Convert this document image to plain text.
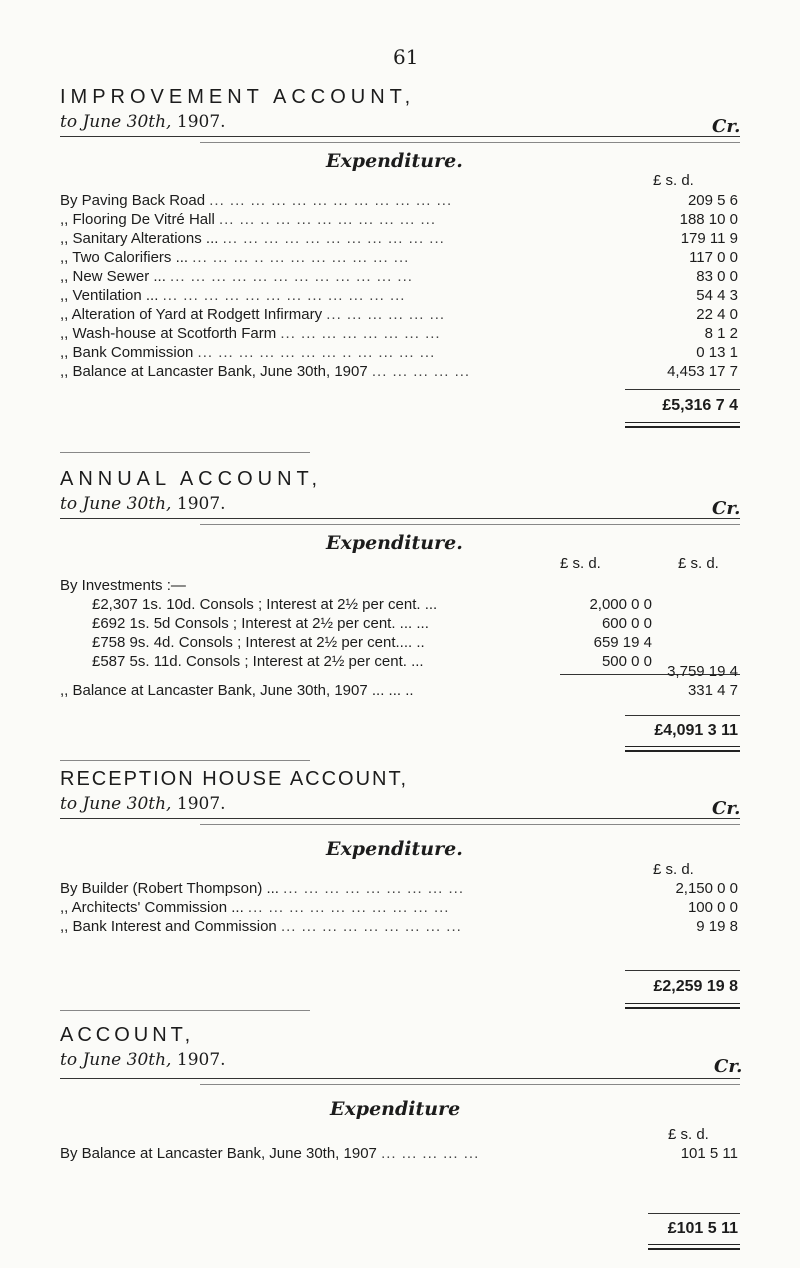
61
IMPROVEMENT ACCOUNT,
to June 30th, 1907.	Cr.
Expenditure.
£ s. d.
By Paving Back Road ... ... ... ... ... ... ... ... ... ... ... ...	209 5 6
,, Flooring De Vitré Hall ... ... .. ... ... ... ... ... ... ... ...	188 10 0
,, Sanitary Alterations ... ... ... ... ... ... ... ... ... ... ... ...	179 11 9
,, Two Calorifiers ... ... ... ... .. ... ... ... ... ... ... ...	117 0 0
,, New Sewer ... ... ... ... ... ... ... ... ... ... ... ... ...	83 0 0
,, Ventilation ... ... ... ... ... ... ... ... ... ... ... ... ...	54 4 3
,, Alteration of Yard at Rodgett Infirmary ... ... ... ... ... ...	22 4 0
,, Wash-house at Scotforth Farm ... ... ... ... ... ... ... ...	8 1 2
,, Bank Commission ... ... ... ... ... ... ... .. ... ... ... ...	0 13 1
,, Balance at Lancaster Bank, June 30th, 1907 ... ... ... ... ...	4,453 17 7
£5,316 7 4
ANNUAL ACCOUNT,
to June 30th, 1907.	Cr.
Expenditure.
£ s. d.	£ s. d.
By Investments :—
£2,307 1s. 10d. Consols ; Interest at 2½ per cent. ...	2,000 0 0
£692 1s. 5d Consols ; Interest at 2½ per cent. ... ...	600 0 0
£758 9s. 4d. Consols ; Interest at 2½ per cent.... ..	659 19 4
£587 5s. 11d. Consols ; Interest at 2½ per cent. ...	500 0 0
3,759 19 4
,, Balance at Lancaster Bank, June 30th, 1907 ... ... ..	331 4 7
£4,091 3 11
RECEPTION HOUSE ACCOUNT,
to June 30th, 1907.	Cr.
Expenditure.
£ s. d.
By Builder (Robert Thompson) ... ... ... ... ... ... ... ... ... ...	2,150 0 0
,, Architects' Commission ... ... ... ... ... ... ... ... ... ... ...	100 0 0
,, Bank Interest and Commission ... ... ... ... ... ... ... ... ...	9 19 8
£2,259 19 8
ACCOUNT,
to June 30th, 1907.	Cr.
Expenditure
£ s. d.
By Balance at Lancaster Bank, June 30th, 1907 ... ... ... ... ...	101 5 11
£101 5 11
